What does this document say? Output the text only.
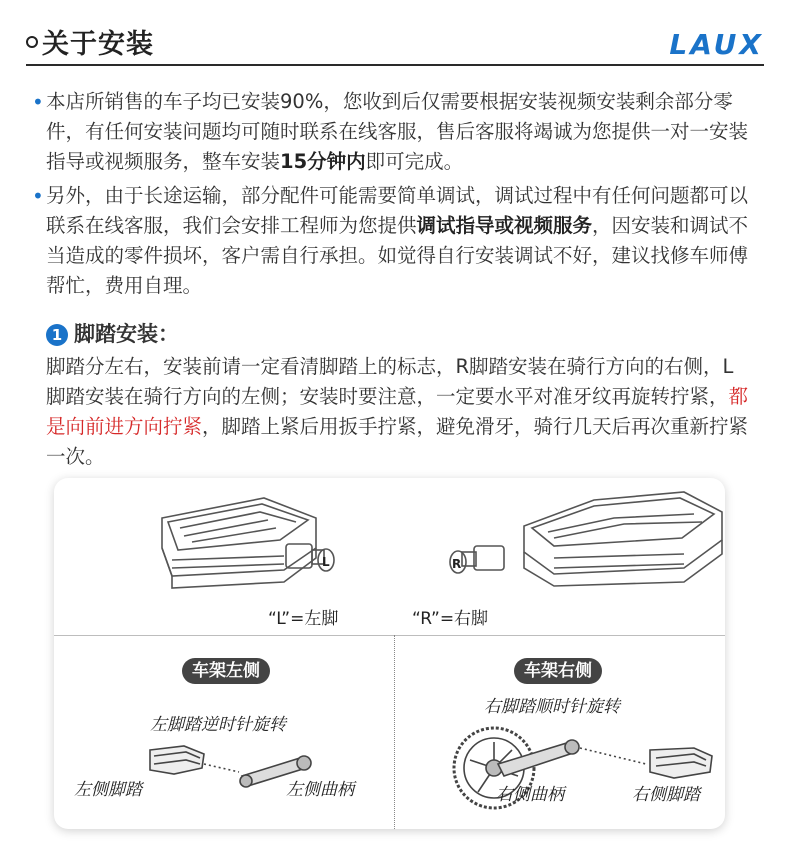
关于安装	LAUX
• 本店所销售的车子均已安装90%，您收到后仅需要根据安装视频安装剩余部分零件，有任何安装问题均可随时联系在线客服，售后客服将竭诚为您提供一对一安装指导或视频服务，整车安装15分钟内即可完成。
• 另外，由于长途运输，部分配件可能需要简单调试，调试过程中有任何问题都可以联系在线客服，我们会安排工程师为您提供调试指导或视频服务，因安装和调试不当造成的零件损坏，客户需自行承担。如觉得自行安装调试不好，建议找修车师傅帮忙，费用自理。
1 脚踏安装：
脚踏分左右，安装前请一定看清脚踏上的标志，R脚踏安装在骑行方向的右侧，L脚踏安装在骑行方向的左侧；安装时要注意，一定要水平对准牙纹再旋转拧紧，都是向前进方向拧紧，脚踏上紧后用扳手拧紧，避免滑牙，骑行几天后再次重新拧紧一次。
L	R
“L”=左脚	“R”=右脚
车架左侧
左脚踏逆时针旋转
左侧脚踏	左侧曲柄
车架右侧
右脚踏顺时针旋转
右侧曲柄	右侧脚踏
